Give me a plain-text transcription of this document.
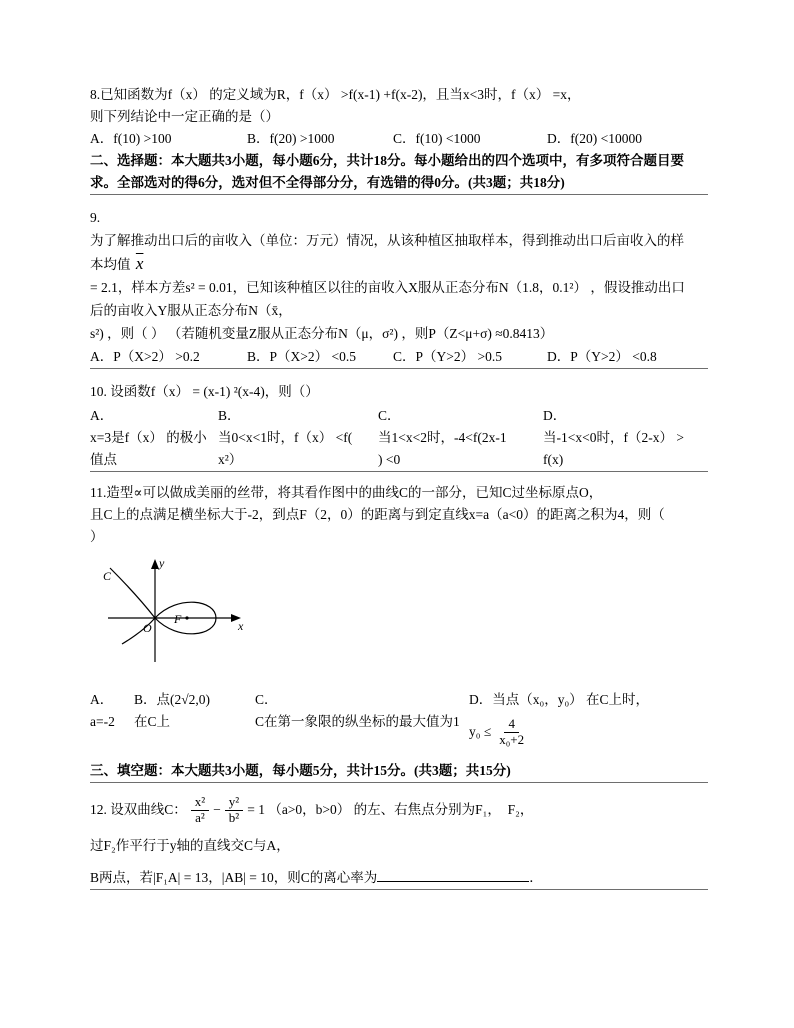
8.已知函数为f（x） 的定义域为R，f（x） >f(x-1) +f(x-2)，且当x<3时，f（x） =x，

则下列结论中一定正确的是（）

A．f(10) >100	B．f(20) >1000	C．f(10) <1000	D．f(20) <10000

二、选择题：本大题共3小题，每小题6分，共计18分。每小题给出的四个选项中，有多项符合题目要

求。全部选对的得6分，选对但不全得部分分，有选错的得0分。(共3题；共18分)

9.

为了解推动出口后的亩收入（单位：万元）情况，从该种植区抽取样本，得到推动出口后亩收入的样

本均值 $\overline{x}$

= 2.1，样本方差s² = 0.01，已知该种植区以往的亩收入X服从正态分布N（1.8，0.1²） ，假设推动出口

后的亩收入Y服从正态分布N（x̄，

s²) ，则（ ） （若随机变量Z服从正态分布N（μ，σ²) ，则P（Z<μ+σ) ≈0.8413）

A．P（X>2） >0.2	B．P（X>2） <0.5	C．P（Y>2） >0.5	D．P（Y>2） <0.8

10. 设函数f（x） = (x-1) ²(x-4)，则（）

A．

x=3是f（x） 的极小

值点

B．

当0<x<1时，f（x） <f(

x²）

C．

当1<x<2时，-4<f(2x-1

) <0

D．

当-1<x<0时，f（2-x） >

f(x)

11.造型∝可以做成美丽的丝带，将其看作图中的曲线C的一部分，已知C过坐标原点O，

且C上的点满足横坐标大于-2，到点F（2，0）的距离与到定直线x=a（a<0）的距离之积为4，则（

）

C
O
F	x
y

A．

a=-2

B．点(2√2,0)

在C上

C．

C在第一象限的纵坐标的最大值为1

D．当点（x₀，y₀） 在C上时，

$y_0 \le \frac{4}{\text{x₀+2}}$

三、填空题：本大题共3小题，每小题5分，共计15分。(共3题；共15分)

12. 设双曲线C： $\frac{\text{x²}}{\text{a²}} - \frac{\text{y²}}{\text{b²}} = 1$ （a>0，b>0） 的左、右焦点分别为F₁，　F₂，

过F₂作平行于y轴的直线交C与A，

B两点，若|F₁A| = 13，|AB| = 10，则C的离心率为	．
